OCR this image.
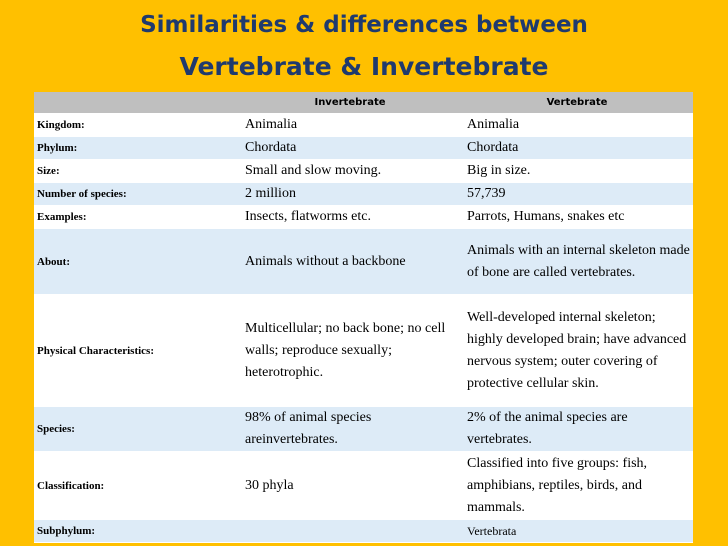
Similarities & differences between
Vertebrate & Invertebrate
	Invertebrate	Vertebrate
Kingdom:	Animalia	Animalia
Phylum:	Chordata	Chordata
Size:	Small and slow moving.	Big in size.
Number of species:	2 million	57,739
Examples:	Insects, flatworms etc.	Parrots, Humans, snakes etc
About:	Animals without a backbone	Animals with an internal skeleton made of bone are called vertebrates.
Physical Characteristics:	Multicellular; no back bone; no cell walls; reproduce sexually; heterotrophic.	Well-developed internal skeleton; highly developed brain; have advanced nervous system; outer covering of protective cellular skin.
Species:	98% of animal species areinvertebrates.	2% of the animal species are vertebrates.
Classification:	30 phyla	Classified into five groups: fish, amphibians, reptiles, birds, and mammals.
Subphylum:		Vertebrata
